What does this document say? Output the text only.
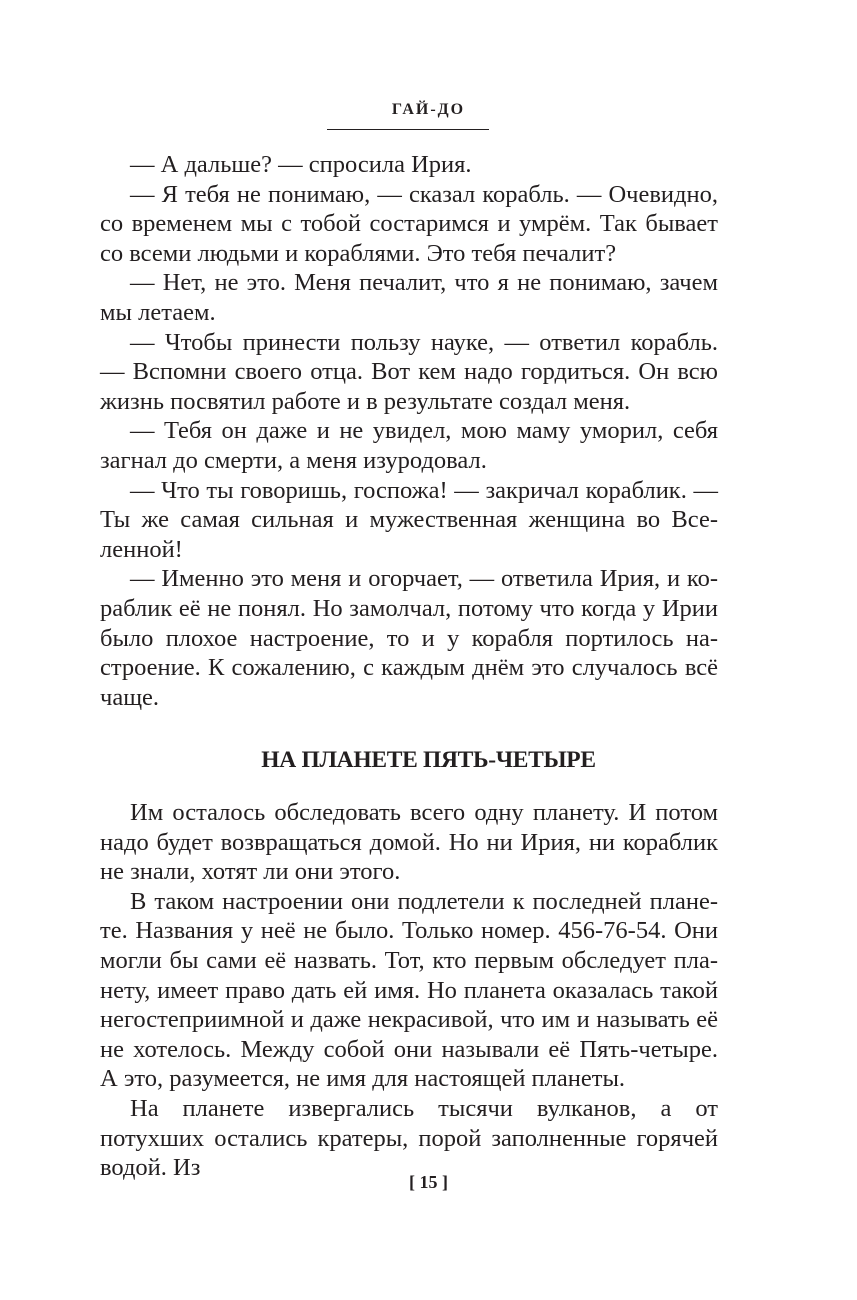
ГАЙ-ДО

— А дальше? — спросила Ирия.

— Я тебя не понимаю, — сказал корабль. — Очевидно, со временем мы с тобой состаримся и умрём. Так бывает со всеми людьми и кораблями. Это тебя печалит?

— Нет, не это. Меня печалит, что я не понимаю, зачем мы летаем.

— Чтобы принести пользу науке, — ответил корабль. — Вспомни своего отца. Вот кем надо гордиться. Он всю жизнь посвятил работе и в результате создал меня.

— Тебя он даже и не увидел, мою маму уморил, себя загнал до смерти, а меня изуродовал.

— Что ты говоришь, госпожа! — закричал кораблик. — Ты же самая сильная и мужественная женщина во Вселенной!

— Именно это меня и огорчает, — ответила Ирия, и кораблик её не понял. Но замолчал, потому что когда у Ирии было плохое настроение, то и у корабля портилось настроение. К сожалению, с каждым днём это случалось всё чаще.

НА ПЛАНЕТЕ ПЯТЬ-ЧЕТЫРЕ

Им осталось обследовать всего одну планету. И потом надо будет возвращаться домой. Но ни Ирия, ни кораблик не знали, хотят ли они этого.

В таком настроении они подлетели к последней планете. Названия у неё не было. Только номер. 456-76-54. Они могли бы сами её назвать. Тот, кто первым обследует планету, имеет право дать ей имя. Но планета оказалась такой негостеприимной и даже некрасивой, что им и называть её не хотелось. Между собой они называли её Пять-четыре. А это, разумеется, не имя для настоящей планеты.

На планете извергались тысячи вулканов, а от потухших остались кратеры, порой заполненные горячей водой. Из

[ 15 ]
